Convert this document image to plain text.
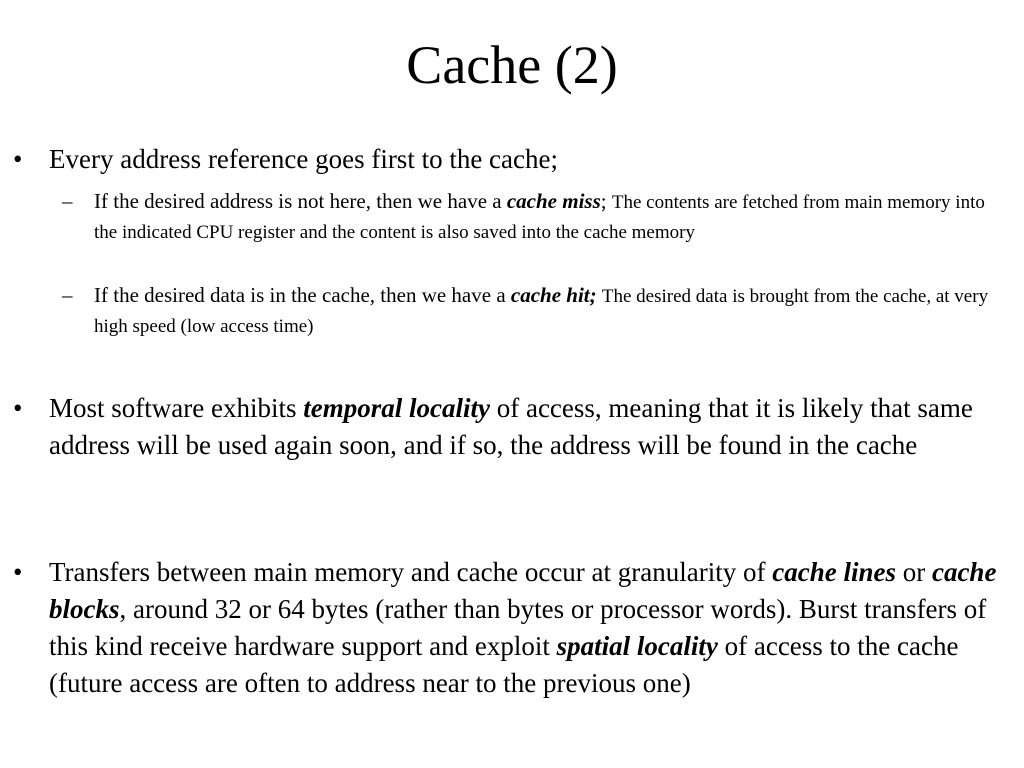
Cache (2)
• Every address reference goes first to the cache;
– If the desired address is not here, then we have a cache miss; The contents are fetched from main memory into the indicated CPU register and the content is also saved into the cache memory
– If the desired data is in the cache, then we have a cache hit; The desired data is brought from the cache, at very high speed (low access time)
• Most software exhibits temporal locality of access, meaning that it is likely that same address will be used again soon, and if so, the address will be found in the cache
• Transfers between main memory and cache occur at granularity of cache lines or cache blocks, around 32 or 64 bytes (rather than bytes or processor words). Burst transfers of this kind receive hardware support and exploit spatial locality of access to the cache (future access are often to address near to the previous one)
